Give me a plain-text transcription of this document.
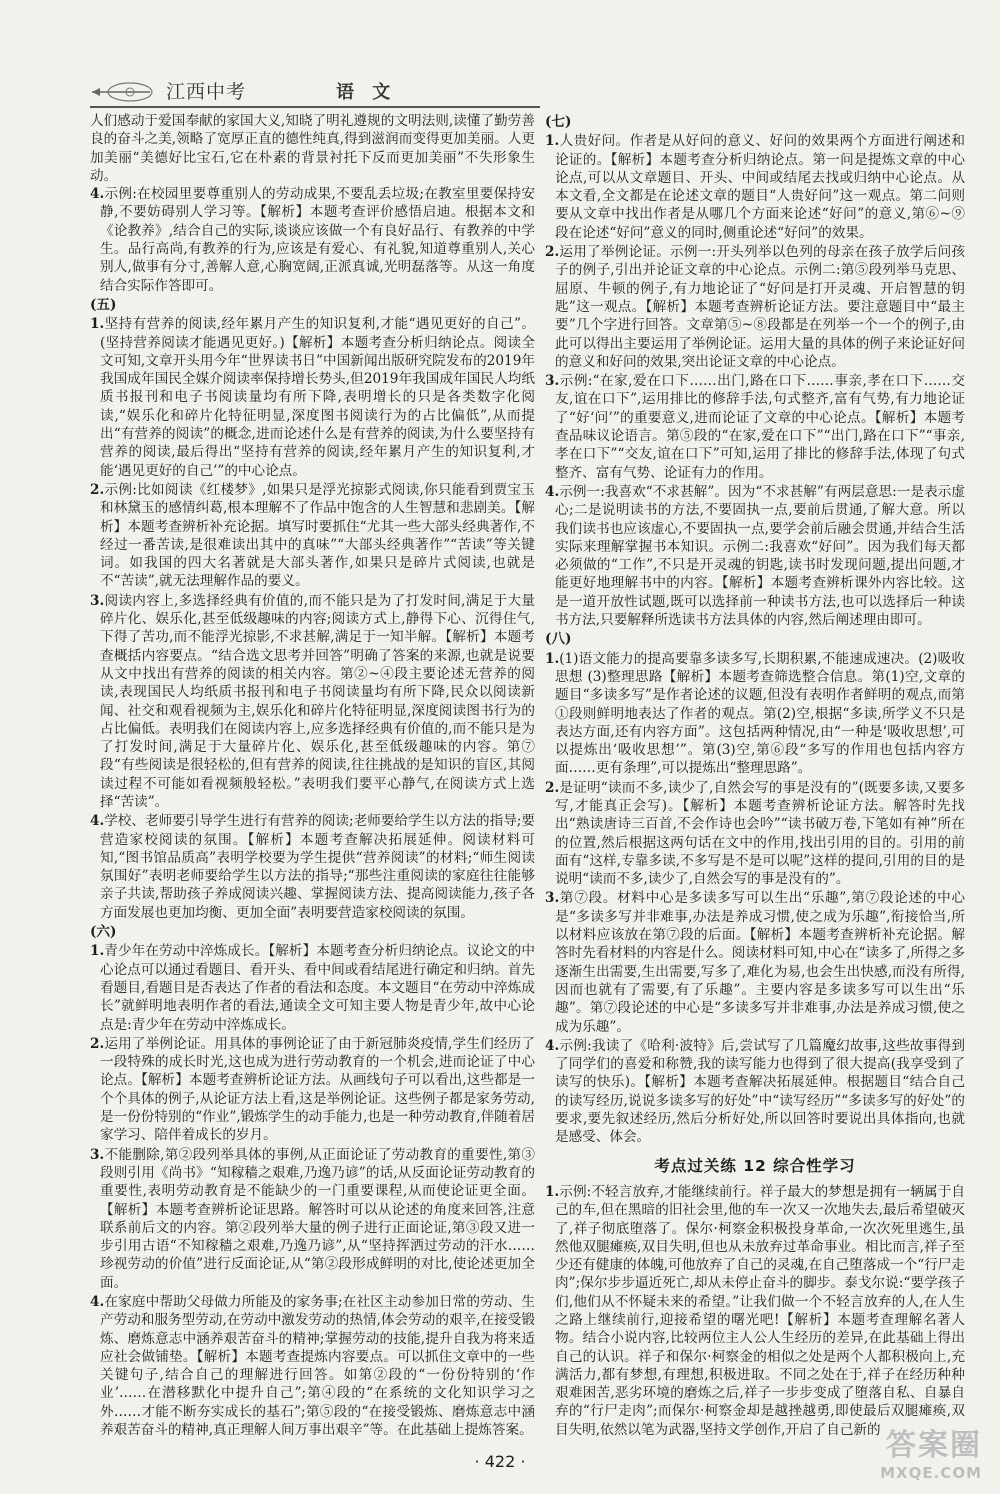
江西中考	语 文

人们感动于爱国奉献的家国大义,知晓了明礼遵规的文明法则,读懂了勤劳善良的奋斗之美,领略了宽厚正直的德性纯真,得到滋润而变得更加美丽。人更加美丽“美德好比宝石,它在朴素的背景衬托下反而更加美丽”不失形象生动。

4.示例:在校园里要尊重别人的劳动成果,不要乱丢垃圾;在教室里要保持安静,不要妨碍别人学习等。【解析】本题考查评价感悟启迪。根据本文和《论教养》,结合自己的实际,谈谈应该做一个有良好品行、有教养的中学生。品行高尚,有教养的行为,应该是有爱心、有礼貌,知道尊重别人,关心别人,做事有分寸,善解人意,心胸宽阔,正派真诚,光明磊落等。从这一角度结合实际作答即可。

(五)

1.坚持有营养的阅读,经年累月产生的知识复利,才能“遇见更好的自己”。(坚持营养阅读才能遇见更好。)【解析】本题考查分析归纳论点。阅读全文可知,文章开头用今年“世界读书日”中国新闻出版研究院发布的2019年我国成年国民全媒介阅读率保持增长势头,但2019年我国成年国民人均纸质书报刊和电子书阅读量均有所下降,表明增长的只是各类数字化阅读,“娱乐化和碎片化特征明显,深度图书阅读行为的占比偏低”,从而提出“有营养的阅读”的概念,进而论述什么是有营养的阅读,为什么要坚持有营养的阅读,最后得出“坚持有营养的阅读,经年累月产生的知识复利,才能‘遇见更好的自己’”的中心论点。

2.示例:比如阅读《红楼梦》,如果只是浮光掠影式阅读,你只能看到贾宝玉和林黛玉的感情纠葛,根本理解不了作品中饱含的人生智慧和悲剧美。【解析】本题考查辨析补充论据。填写时要抓住“尤其一些大部头经典著作,不经过一番苦读,是很难读出其中的真味”“大部头经典著作”“苦读”等关键词。如我国的四大名著就是大部头著作,如果只是碎片式阅读,也就是不“苦读”,就无法理解作品的要义。

3.阅读内容上,多选择经典有价值的,而不能只是为了打发时间,满足于大量碎片化、娱乐化,甚至低级趣味的内容;阅读方式上,静得下心、沉得住气,下得了苦功,而不能浮光掠影,不求甚解,满足于一知半解。【解析】本题考查概括内容要点。“结合选文思考并回答”明确了答案的来源,也就是说要从文中找出有营养的阅读的相关内容。第②~④段主要论述无营养的阅读,表现国民人均纸质书报刊和电子书阅读量均有所下降,民众以阅读新闻、社交和观看视频为主,娱乐化和碎片化特征明显,深度阅读图书行为的占比偏低。表明我们在阅读内容上,应多选择经典有价值的,而不能只是为了打发时间,满足于大量碎片化、娱乐化,甚至低级趣味的内容。第⑦段“有些阅读是很轻松的,但有营养的阅读,往往挑战的是知识的盲区,其阅读过程不可能如看视频般轻松。”表明我们要平心静气,在阅读方式上选择“苦读”。

4.学校、老师要引导学生进行有营养的阅读;老师要给学生以方法的指导;要营造家校阅读的氛围。【解析】本题考查解决拓展延伸。阅读材料可知,“图书馆品质高”表明学校要为学生提供“营养阅读”的材料;“师生阅读氛围好”表明老师要给学生以方法的指导;“那些注重阅读的家庭往往能够亲子共读,帮助孩子养成阅读兴趣、掌握阅读方法、提高阅读能力,孩子各方面发展也更加均衡、更加全面”表明要营造家校阅读的氛围。

(六)

1.青少年在劳动中淬炼成长。【解析】本题考查分析归纳论点。议论文的中心论点可以通过看题目、看开头、看中间或看结尾进行确定和归纳。首先看题目,看题目是否表达了作者的看法和态度。本文题目“在劳动中淬炼成长”就鲜明地表明作者的看法,通读全文可知主要人物是青少年,故中心论点是:青少年在劳动中淬炼成长。

2.运用了举例论证。用具体的事例论证了由于新冠肺炎疫情,学生们经历了一段特殊的成长时光,这也成为进行劳动教育的一个机会,进而论证了中心论点。【解析】本题考查辨析论证方法。从画线句子可以看出,这些都是一个个具体的例子,从论证方法上看,这是举例论证。这些例子都是家务劳动,是一份份特别的“作业”,锻炼学生的动手能力,也是一种劳动教育,伴随着居家学习、陪伴着成长的岁月。

3.不能删除,第②段列举具体的事例,从正面论证了劳动教育的重要性,第③段则引用《尚书》“知稼穑之艰难,乃逸乃谚”的话,从反面论证劳动教育的重要性,表明劳动教育是不能缺少的一门重要课程,从而使论证更全面。【解析】本题考查辨析论证思路。解答时可以从论述的角度来回答,注意联系前后文的内容。第②段列举大量的例子进行正面论证,第③段又进一步引用古语“不知稼穑之艰难,乃逸乃谚”,从“坚持挥洒过劳动的汗水……珍视劳动的价值”进行反面论证,从“第②段形成鲜明的对比,使论述更加全面。

4.在家庭中帮助父母做力所能及的家务事;在社区主动参加日常的劳动、生产劳动和服务型劳动,在劳动中激发劳动的热情,体会劳动的艰辛,在接受锻炼、磨炼意志中涵养艰苦奋斗的精神;掌握劳动的技能,提升自我为将来适应社会做铺垫。【解析】本题考查提炼内容要点。可以抓住文章中的一些关键句子,结合自己的理解进行回答。如第②段的“一份份特别的‘作业’……在潜移默化中提升自己”;第④段的“在系统的文化知识学习之外……才能不断夯实成长的基石”;第⑤段的“在接受锻炼、磨炼意志中涵养艰苦奋斗的精神,真正理解人间万事出艰辛”等。在此基础上提炼答案。

(七)

1.人贵好问。作者是从好问的意义、好问的效果两个方面进行阐述和论证的。【解析】本题考查分析归纳论点。第一问是提炼文章的中心论点,可以从文章题目、开头、中间或结尾去找或归纳中心论点。从本文看,全文都是在论述文章的题目“人贵好问”这一观点。第二问则要从文章中找出作者是从哪几个方面来论述“好问”的意义,第⑥~⑨段在论述“好问”意义的同时,侧重论述“好问”的效果。

2.运用了举例论证。示例一:开头列举以色列的母亲在孩子放学后问孩子的例子,引出并论证文章的中心论点。示例二:第⑤段列举马克思、屈原、牛顿的例子,有力地论证了“好问是打开灵魂、开启智慧的钥匙”这一观点。【解析】本题考查辨析论证方法。要注意题目中“最主要”几个字进行回答。文章第⑤~⑧段都是在列举一个一个的例子,由此可以得出主要运用了举例论证。运用大量的具体的例子来论证好问的意义和好问的效果,突出论证文章的中心论点。

3.示例:“在家,爱在口下……出门,路在口下……事亲,孝在口下……交友,谊在口下”,运用排比的修辞手法,句式整齐,富有气势,有力地论证了“好‘问’”的重要意义,进而论证了文章的中心论点。【解析】本题考查品味议论语言。第⑤段的“在家,爱在口下”“出门,路在口下”“事亲,孝在口下”“交友,谊在口下”可知,运用了排比的修辞手法,体现了句式整齐、富有气势、论证有力的作用。

4.示例一:我喜欢“不求甚解”。因为“不求甚解”有两层意思:一是表示虚心;二是说明读书的方法,不要固执一点,要前后贯通,了解大意。所以我们读书也应该虚心,不要固执一点,要学会前后融会贯通,并结合生活实际来理解掌握书本知识。示例二:我喜欢“好问”。因为我们每天都必须做的“工作”,不只是开灵魂的钥匙,读书时发现问题,提出问题,才能更好地理解书中的内容。【解析】本题考查辨析课外内容比较。这是一道开放性试题,既可以选择前一种读书方法,也可以选择后一种读书方法,只要解释所选读书方法具体的内容,然后阐述理由即可。

(八)

1.(1)语文能力的提高要靠多读多写,长期积累,不能速成速决。(2)吸收思想 (3)整理思路【解析】本题考查筛选整合信息。第(1)空,文章的题目“多读多写”是作者论述的议题,但没有表明作者鲜明的观点,而第①段则鲜明地表达了作者的观点。第(2)空,根据“多读,所学义不只是表达方面,还有内容方面”。这包括两种情况,由“一种是‘吸收思想’,可以提炼出‘吸收思想’”。第(3)空,第⑥段“多写的作用也包括内容方面……更有条理”,可以提炼出“整理思路”。

2.是证明“读而不多,读少了,自然会写的事是没有的”(既要多读,又要多写,才能真正会写)。【解析】本题考查辨析论证方法。解答时先找出“熟读唐诗三百首,不会作诗也会吟”“读书破万卷,下笔如有神”所在的位置,然后根据这两句话在文中的作用,找出引用的目的。引用的前面有“这样,专靠多读,不多写是不是可以呢”这样的提问,引用的目的是说明“读而不多,读少了,自然会写的事是没有的”。

3.第⑦段。材料中心是多读多写可以生出“乐趣”,第⑦段论述的中心是“多读多写并非难事,办法是养成习惯,使之成为乐趣”,衔接恰当,所以材料应该放在第⑦段的后面。【解析】本题考查辨析补充论据。解答时先看材料的内容是什么。阅读材料可知,中心在“读多了,所得之多逐渐生出需要,生出需要,写多了,难化为易,也会生出快感,而没有所得,因而也就有了需要,有了乐趣”。主要内容是多读多写可以生出“乐趣”。第⑦段论述的中心是“多读多写并非难事,办法是养成习惯,使之成为乐趣”。

4.示例:我读了《哈利·波特》后,尝试写了几篇魔幻故事,这些故事得到了同学们的喜爱和称赞,我的读写能力也得到了很大提高(我享受到了读写的快乐)。【解析】本题考查解决拓展延伸。根据题目“结合自己的读写经历,说说多读多写的好处”中“读写经历”“多读多写的好处”的要求,要先叙述经历,然后分析好处,所以回答时要说出具体指向,也就是感受、体会。

考点过关练 12 综合性学习

1.示例:不轻言放弃,才能继续前行。祥子最大的梦想是拥有一辆属于自己的车,但在黑暗的旧社会里,他的车一次又一次地失去,最后希望破灭了,祥子彻底堕落了。保尔·柯察金积极投身革命,一次次死里逃生,虽然他双腿瘫痪,双目失明,但也从未放弃过革命事业。相比而言,祥子至少还有健康的体魄,可他放弃了自己的灵魂,在自己堕落成一个“行尸走肉”;保尔步步逼近死亡,却从未停止奋斗的脚步。泰戈尔说:“要学孩子们,他们从不怀疑未来的希望。”让我们做一个不轻言放弃的人,在人生之路上继续前行,迎接希望的曙光吧!【解析】本题考查理解名著人物。结合小说内容,比较两位主人公人生经历的差异,在此基础上得出自己的认识。祥子和保尔·柯察金的相似之处是两个人都积极向上,充满活力,都有梦想,有理想,积极进取。不同之处在于,祥子在经历种种艰难困苦,恶劣环境的磨炼之后,祥子一步步变成了堕落自私、自暴自弃的“行尸走肉”;而保尔·柯察金却是越挫越勇,即使最后双腿瘫痪,双目失明,依然以笔为武器,坚持文学创作,开启了自己新的

· 422 ·	答案圈
MXQE.COM
